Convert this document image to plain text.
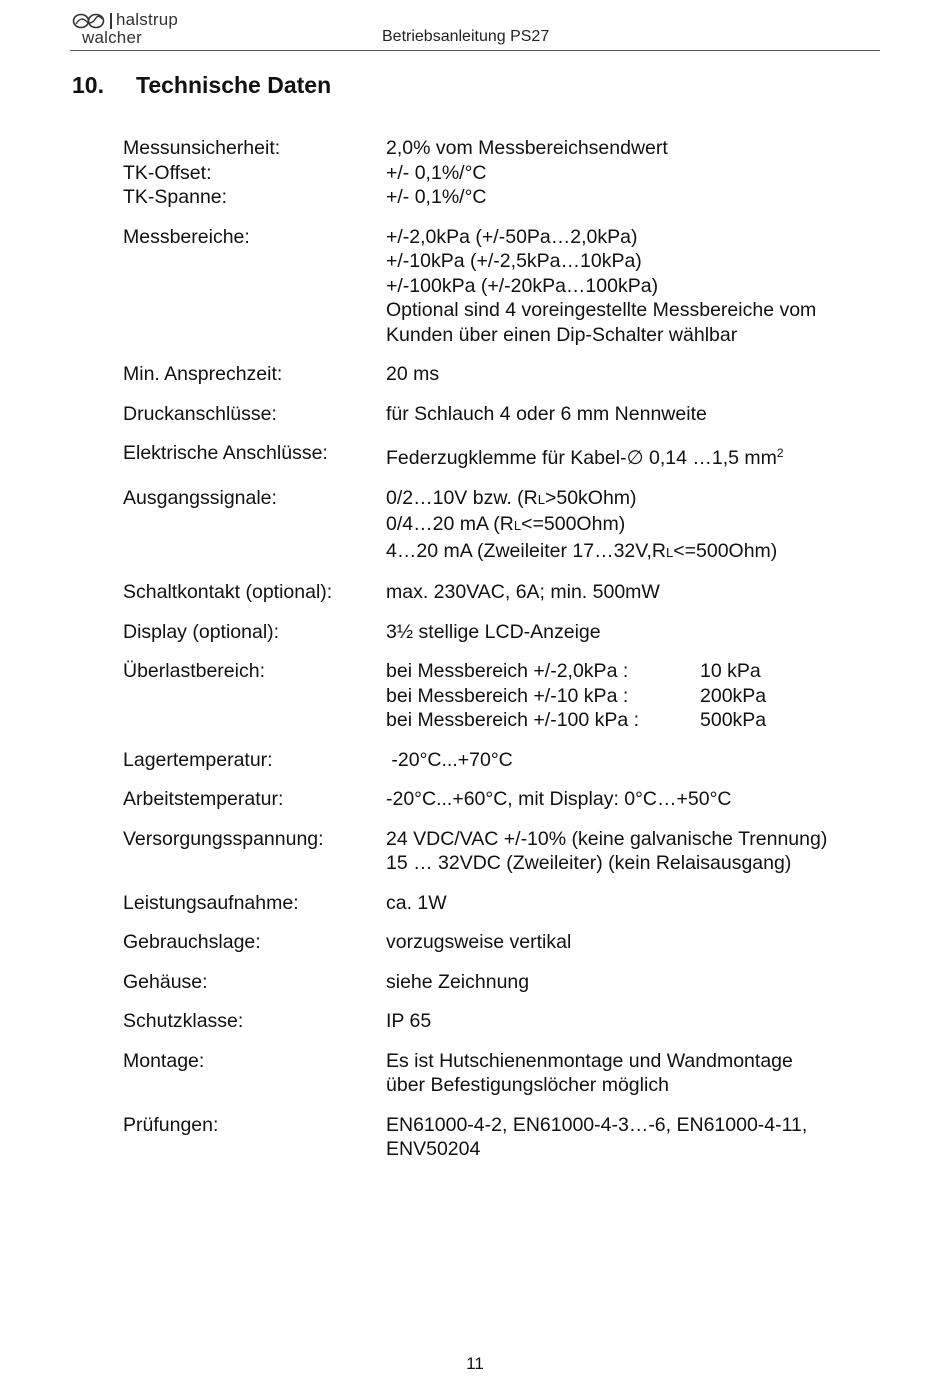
halstrup
walcher	Betriebsanleitung PS27
10. Technische Daten
Messunsicherheit:	2,0% vom Messbereichsendwert
TK-Offset:	+/- 0,1%/°C
TK-Spanne:	+/- 0,1%/°C
Messbereiche:	+/-2,0kPa (+/-50Pa…2,0kPa)
+/-10kPa (+/-2,5kPa…10kPa)
+/-100kPa (+/-20kPa…100kPa)
Optional sind 4 voreingestellte Messbereiche vom
Kunden über einen Dip-Schalter wählbar
Min. Ansprechzeit:	20 ms
Druckanschlüsse:	für Schlauch 4 oder 6 mm Nennweite
Elektrische Anschlüsse:	Federzugklemme für Kabel-∅ 0,14 …1,5 $mm^2$
Ausgangssignale:	0/2…10V bzw. (RL>50kOhm)
0/4…20 mA (RL<=500Ohm)
4…20 mA (Zweileiter 17…32V,RL<=500Ohm)
Schaltkontakt (optional):	max. 230VAC, 6A; min. 500mW
Display (optional):	3½ stellige LCD-Anzeige
Überlastbereich:	bei Messbereich +/-2,0kPa :	10 kPa
bei Messbereich +/-10 kPa :	200kPa
bei Messbereich +/-100 kPa :	500kPa
Lagertemperatur:	-20°C...+70°C
Arbeitstemperatur:	-20°C...+60°C, mit Display: 0°C…+50°C
Versorgungsspannung:	24 VDC/VAC +/-10% (keine galvanische Trennung)
15 … 32VDC (Zweileiter) (kein Relaisausgang)
Leistungsaufnahme:	ca. 1W
Gebrauchslage:	vorzugsweise vertikal
Gehäuse:	siehe Zeichnung
Schutzklasse:	IP 65
Montage:	Es ist Hutschienenmontage und Wandmontage
über Befestigungslöcher möglich
Prüfungen:	EN61000-4-2, EN61000-4-3…-6, EN61000-4-11,
ENV50204
11
